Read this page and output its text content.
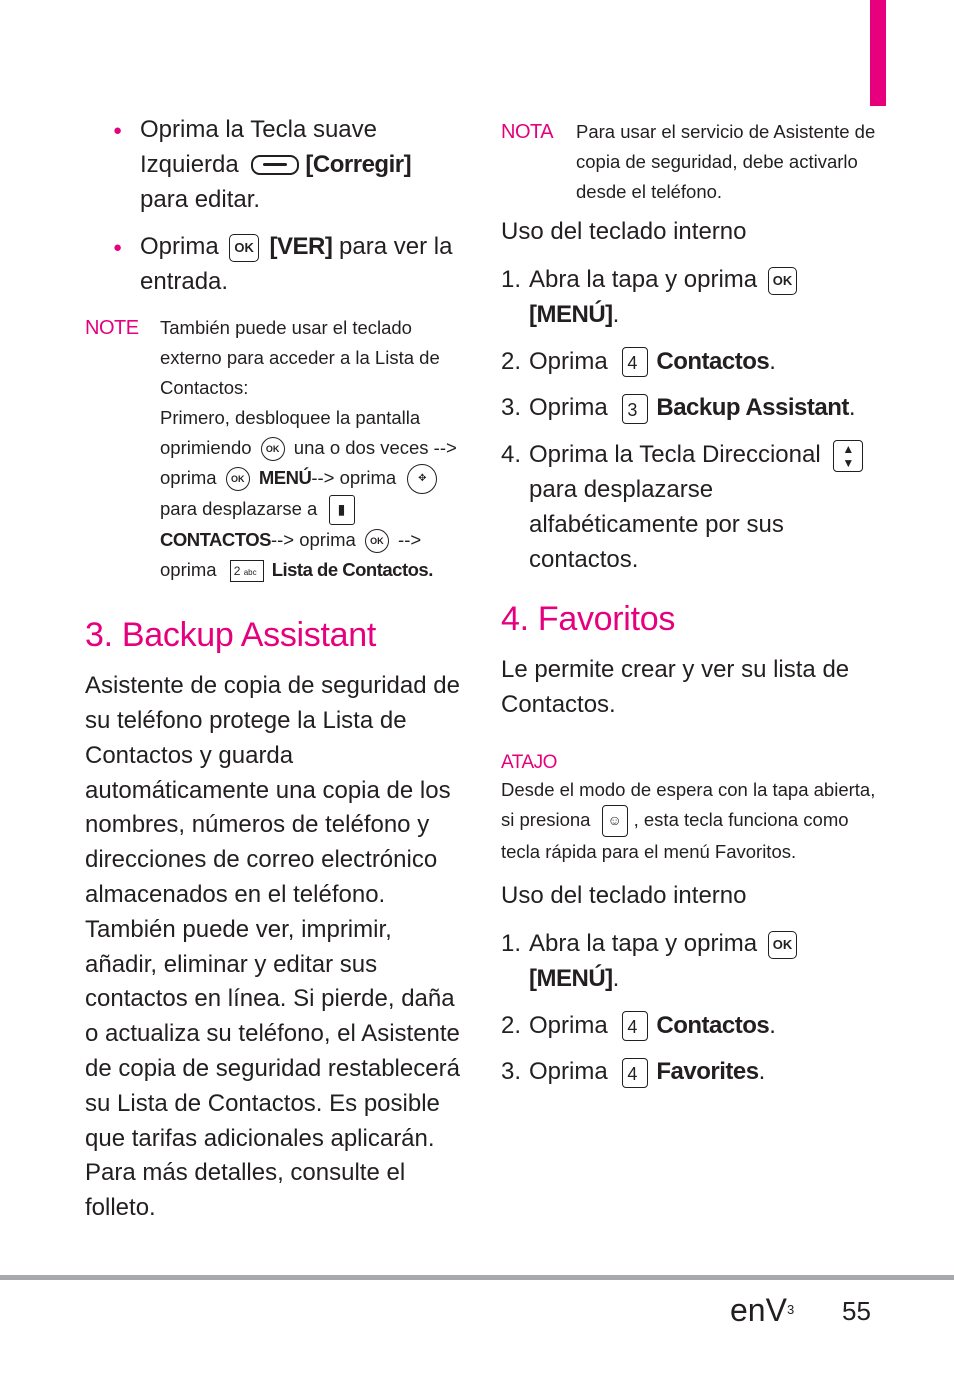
● Oprima la Tecla suave Izquierda	[Corregir] para editar.
● Oprima OK [VER] para ver la entrada.
NOTE	También puede usar el teclado externo para acceder a la Lista de Contactos:
Primero, desbloquee la pantalla oprimiendo OK una o dos veces --> oprima OK MENÚ--> oprima ✥ para desplazarse a ▮ CONTACTOS--> oprima OK --> oprima 2 abc Lista de Contactos.
3. Backup Assistant
Asistente de copia de seguridad de su teléfono protege la Lista de Contactos y guarda automáticamente una copia de los nombres, números de teléfono y direcciones de correo electrónico almacenados en el teléfono. También puede ver, imprimir, añadir, eliminar y editar sus contactos en línea. Si pierde, daña o actualiza su teléfono, el Asistente de copia de seguridad restablecerá su Lista de Contactos. Es posible que tarifas adicionales aplicarán. Para más detalles, consulte el folleto.
NOTA	Para usar el servicio de Asistente de copia de seguridad, debe activarlo desde el teléfono.
Uso del teclado interno
1. Abra la tapa y oprima OK
[MENÚ].
2. Oprima 4 Contactos.
3. Oprima 3 Backup Assistant.
4. Oprima la Tecla Direccional ▲
▼ para desplazarse alfabéticamente por sus contactos.
4. Favoritos
Le permite crear y ver su lista de Contactos.
ATAJO
Desde el modo de espera con la tapa abierta, si presiona ☺ , esta tecla funciona como tecla rápida para el menú Favoritos.
Uso del teclado interno
1. Abra la tapa y oprima OK
[MENÚ].
2. Oprima 4 Contactos.
3. Oprima 4 Favorites.
enV$^3$ 55
